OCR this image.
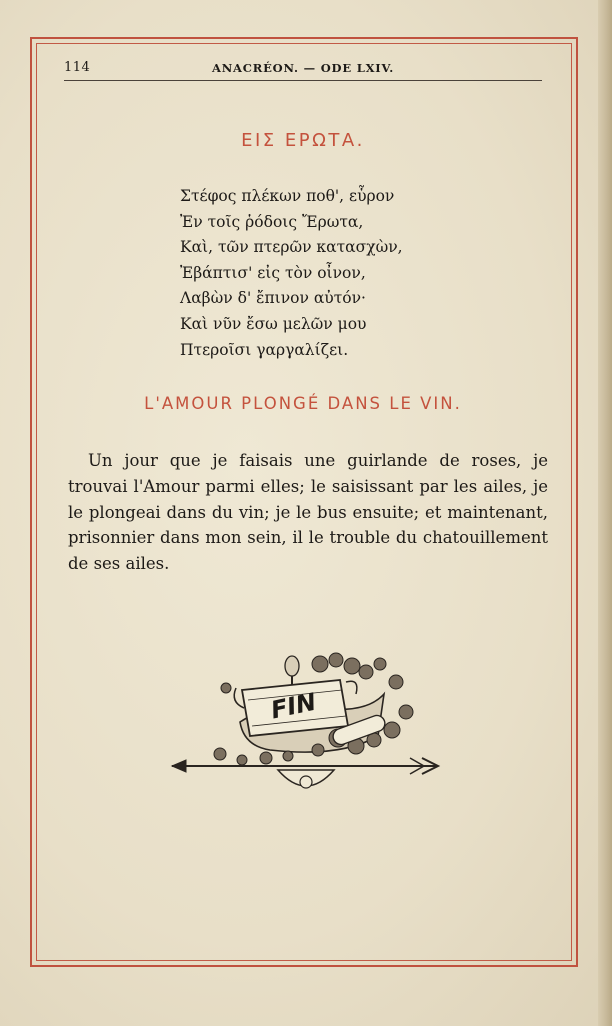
114	ANACRÉON. — ODE LXIV.
ΕΙΣ ΕΡΩΤΑ.
Στέφος πλέκων ποθ', εὗρον
Ἐν τοῖς ῥόδοις Ἔρωτα,
Καὶ, τῶν πτερῶν κατασχὼν,
Ἐβάπτισ' εἰς τὸν οἶνον,
Λαβὼν δ' ἔπινον αὐτόν·
Καὶ νῦν ἔσω μελῶν μου
Πτεροῖσι γαργαλίζει.
L'AMOUR PLONGÉ DANS LE VIN.
Un jour que je faisais une guirlande de roses, je trouvai l'Amour parmi elles; le saisissant par les ailes, je le plongeai dans du vin; je le bus ensuite; et maintenant, prisonnier dans mon sein, il le trouble du chatouillement de ses ailes.
FIN
